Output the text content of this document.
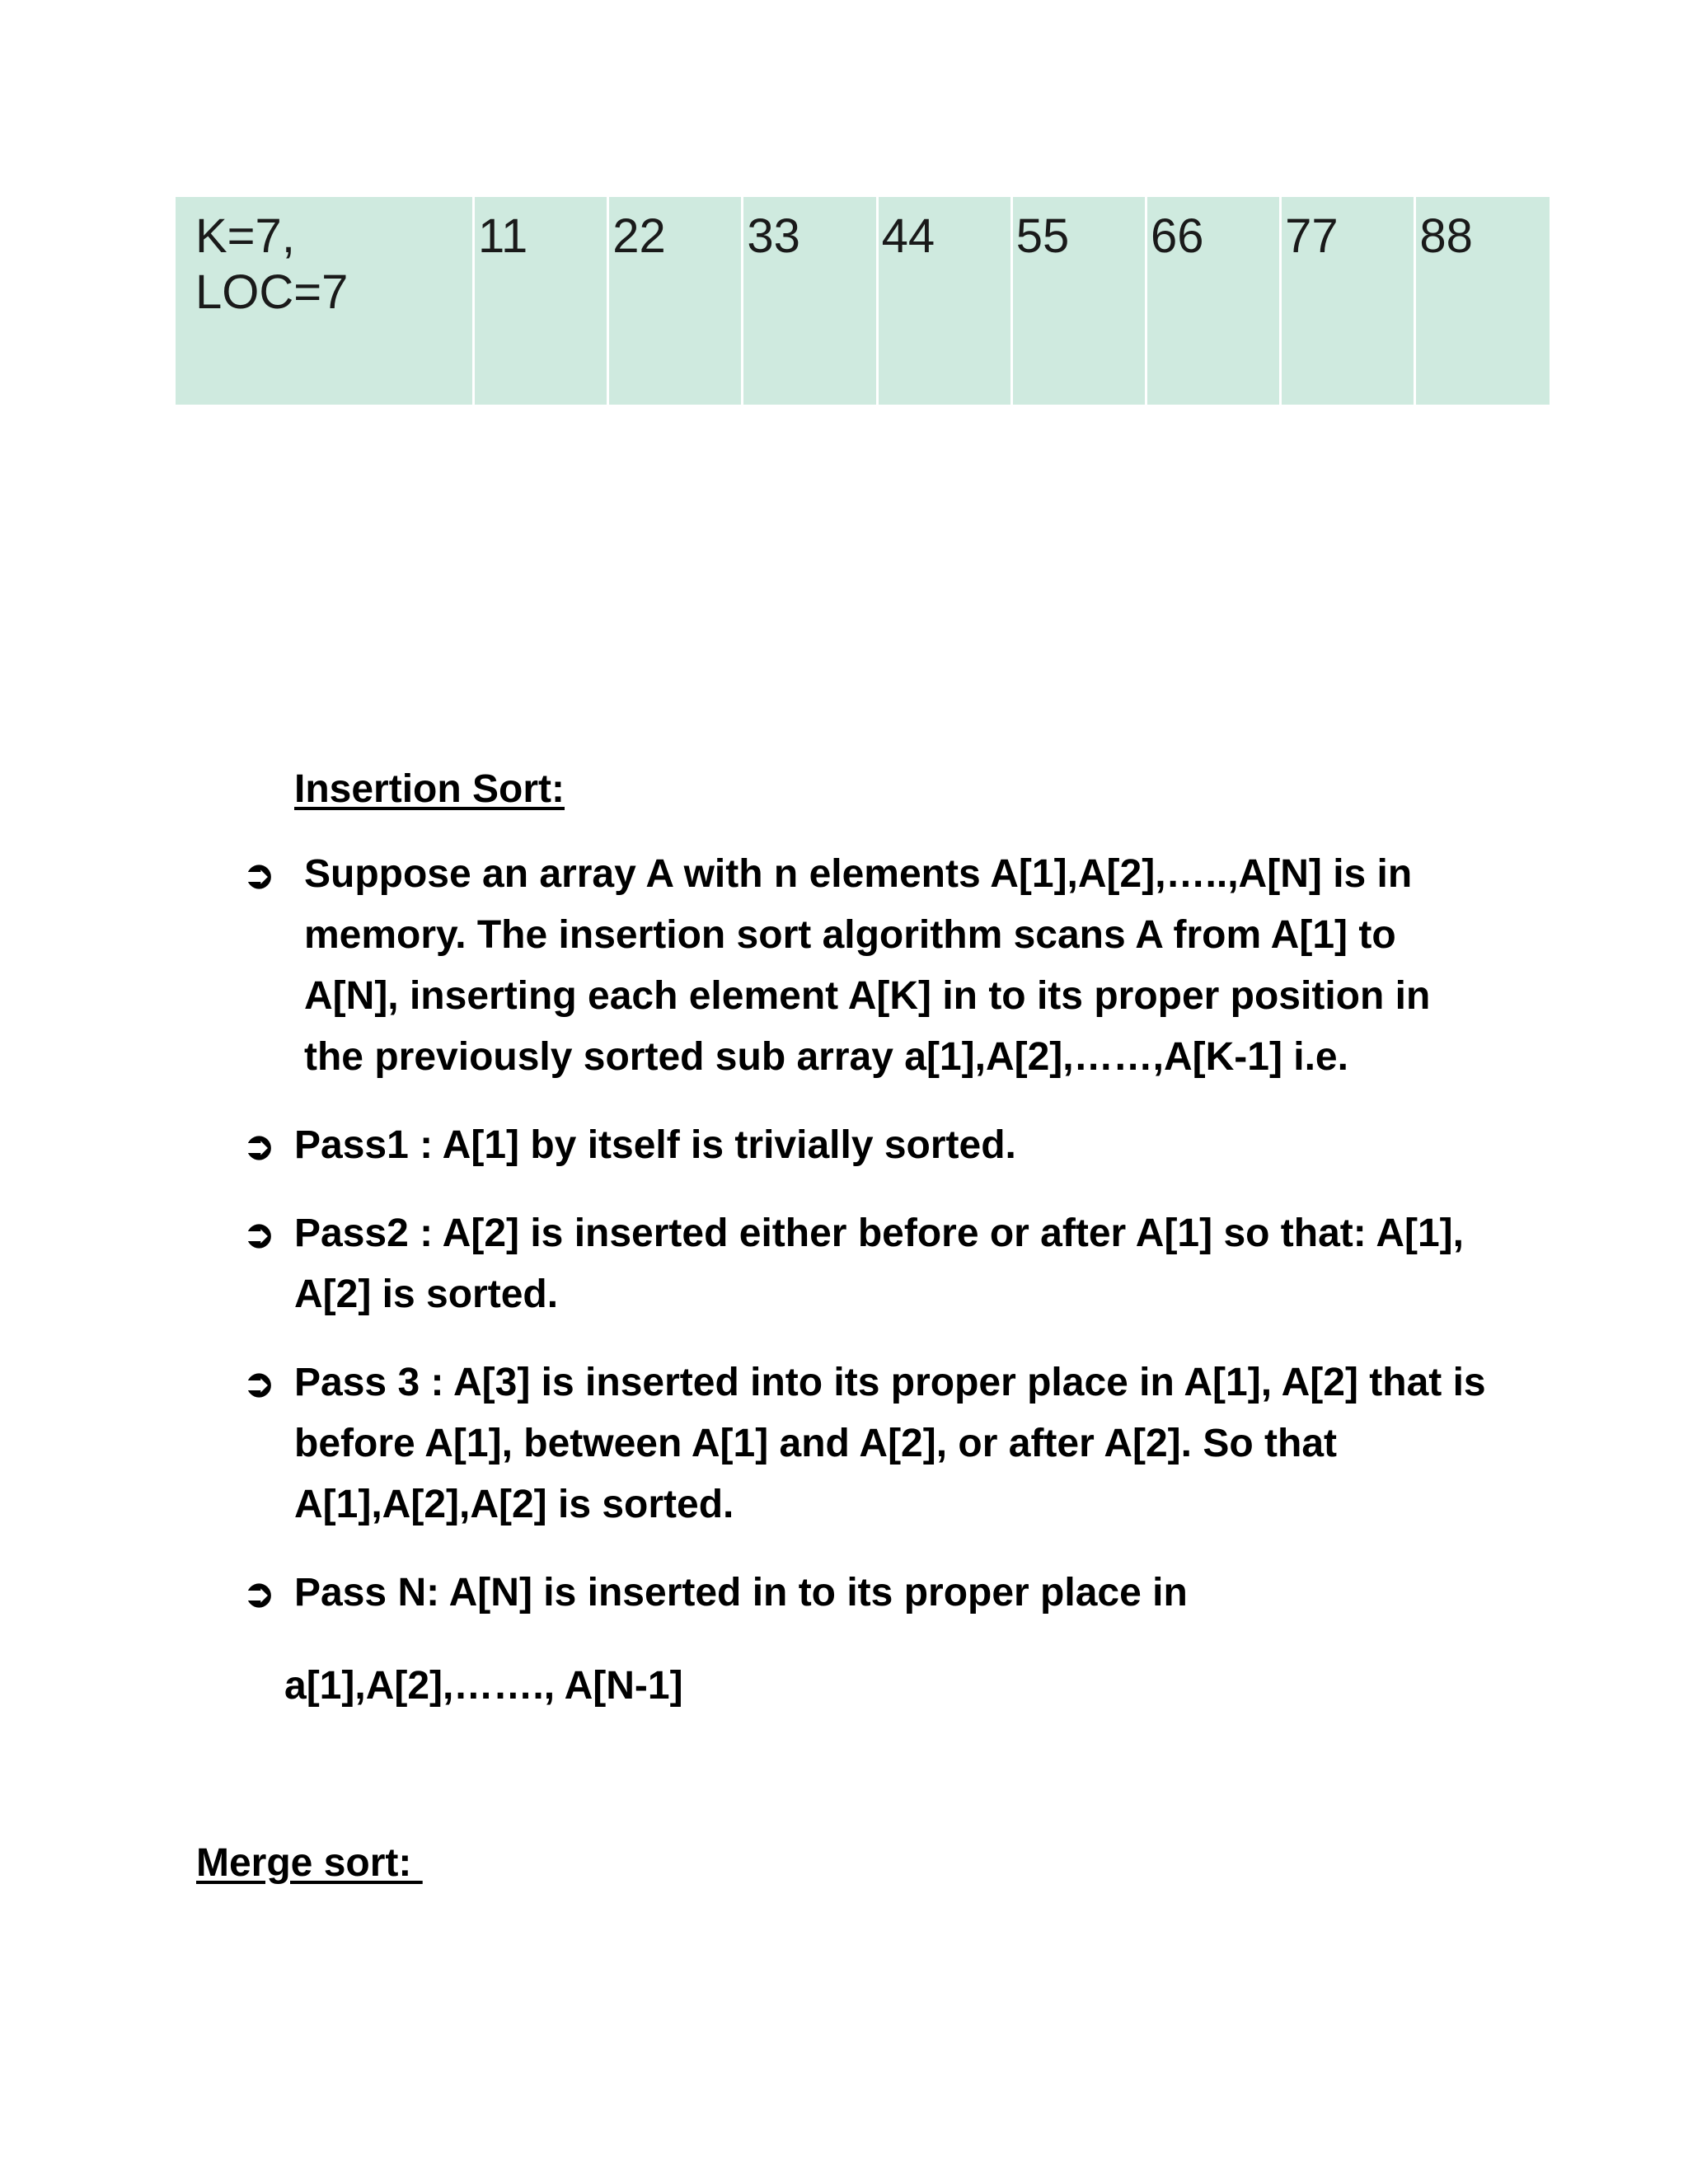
K=7,
LOC=7	11	22	33	44	55	66	77	88
Insertion Sort:
➲ Suppose an array A with n elements A[1],A[2],…..,A[N] is in memory. The insertion sort algorithm scans A from A[1] to A[N], inserting each element A[K] in to its proper position in the previously sorted sub array a[1],A[2],……,A[K-1] i.e.
➲ Pass1 : A[1] by itself is trivially sorted.
➲ Pass2 : A[2] is inserted either before or after A[1] so that: A[1], A[2] is sorted.
➲ Pass 3 : A[3] is inserted into its proper place in A[1], A[2] that is before A[1], between A[1] and A[2], or after A[2]. So that A[1],A[2],A[2] is sorted.
➲ Pass N: A[N] is inserted in to its proper place in
a[1],A[2],……., A[N-1]
Merge sort:
